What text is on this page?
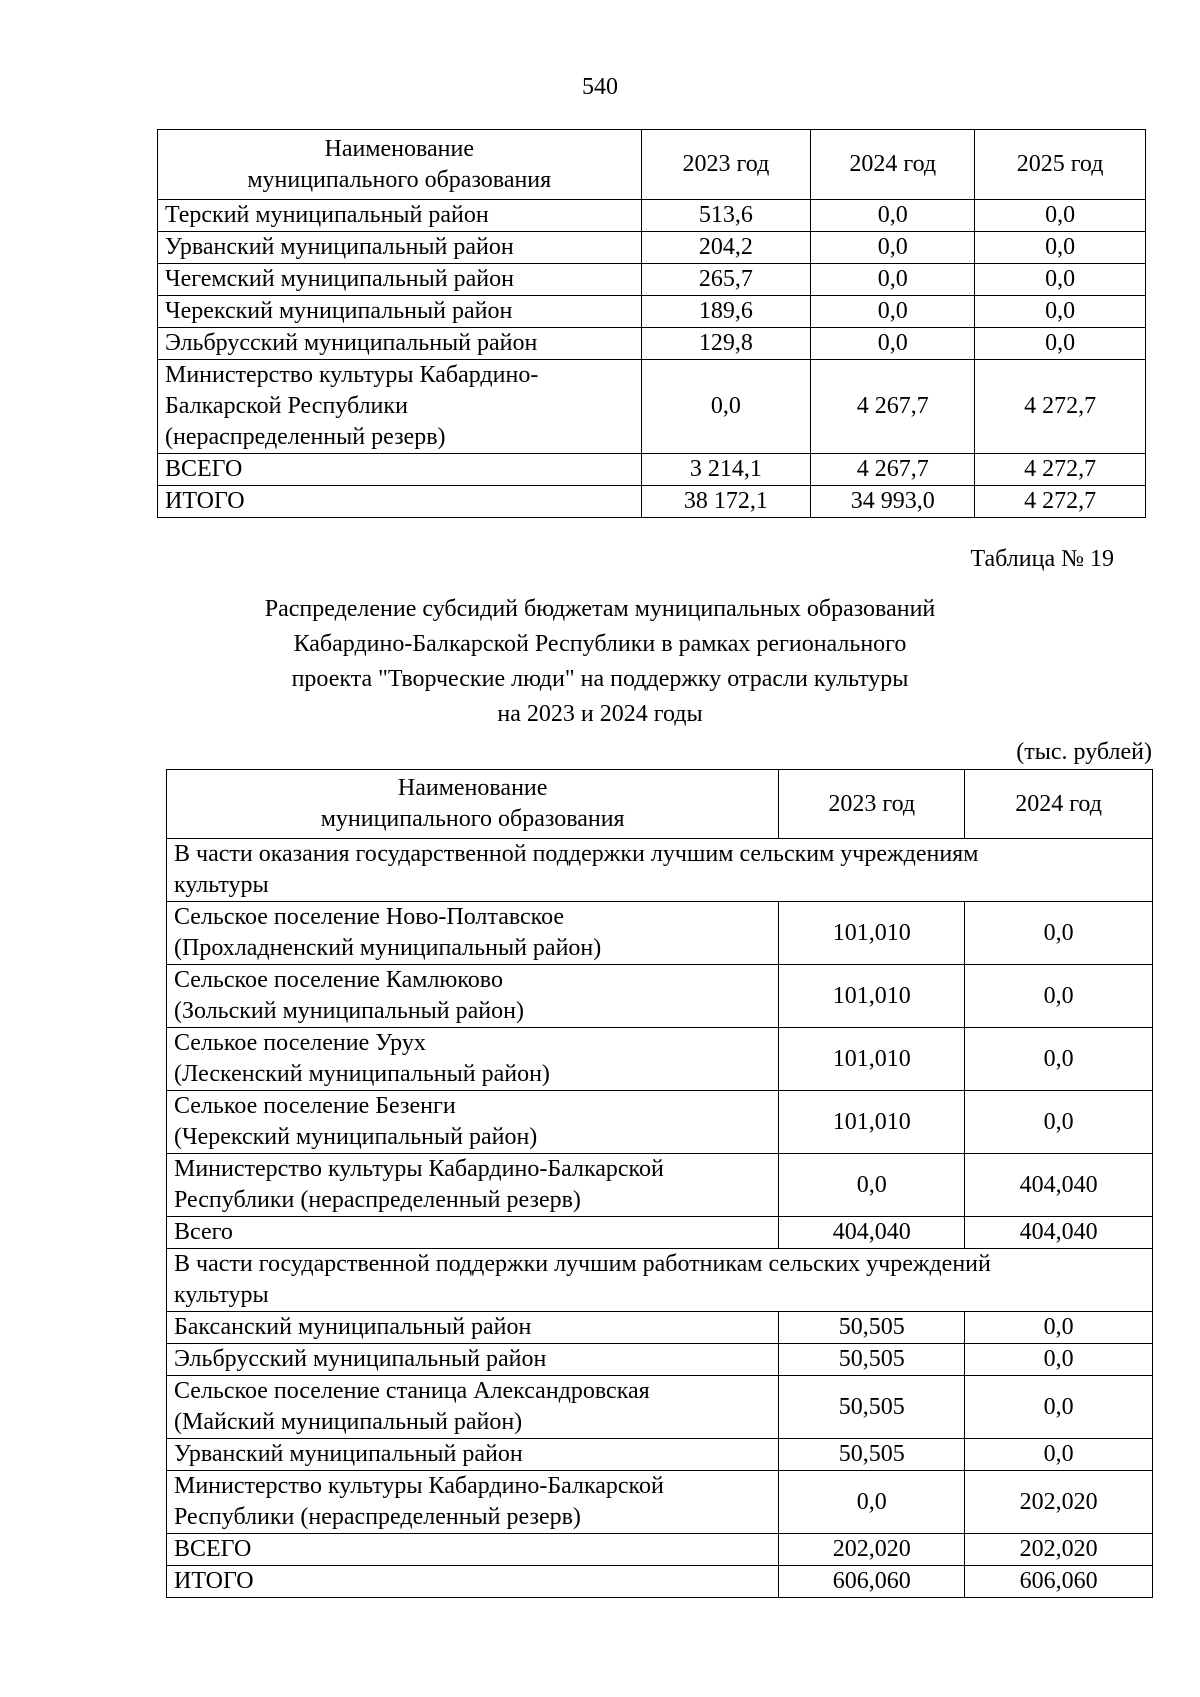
540
Наименование
муниципального образования	2023 год	2024 год	2025 год
Терский муниципальный район	513,6	0,0	0,0
Урванский муниципальный район	204,2	0,0	0,0
Чегемский муниципальный район	265,7	0,0	0,0
Черекский муниципальный район	189,6	0,0	0,0
Эльбрусский муниципальный район	129,8	0,0	0,0
Министерство культуры Кабардино-
Балкарской Республики
(нераспределенный резерв)	0,0	4 267,7	4 272,7
ВСЕГО	3 214,1	4 267,7	4 272,7
ИТОГО	38 172,1	34 993,0	4 272,7
Таблица № 19
Распределение субсидий бюджетам муниципальных образований
Кабардино-Балкарской Республики в рамках регионального
проекта "Творческие люди" на поддержку отрасли культуры
на 2023 и 2024 годы
(тыс. рублей)
Наименование
муниципального образования	2023 год	2024 год
В части оказания государственной поддержки лучшим сельским учреждениям
культуры		
Сельское поселение Ново-Полтавское
(Прохладненский муниципальный район)	101,010	0,0
Сельское поселение Камлюково
(Зольский муниципальный район)	101,010	0,0
Селькое поселение Урух
(Лескенский муниципальный район)	101,010	0,0
Селькое поселение Безенги
(Черекский муниципальный район)	101,010	0,0
Министерство культуры Кабардино-Балкарской
Республики (нераспределенный резерв)	0,0	404,040
Всего	404,040	404,040
В части государственной поддержки лучшим работникам сельских учреждений
культуры		
Баксанский муниципальный район	50,505	0,0
Эльбрусский муниципальный район	50,505	0,0
Сельское поселение станица Александровская
(Майский муниципальный район)	50,505	0,0
Урванский муниципальный район	50,505	0,0
Министерство культуры Кабардино-Балкарской
Республики (нераспределенный резерв)	0,0	202,020
ВСЕГО	202,020	202,020
ИТОГО	606,060	606,060
